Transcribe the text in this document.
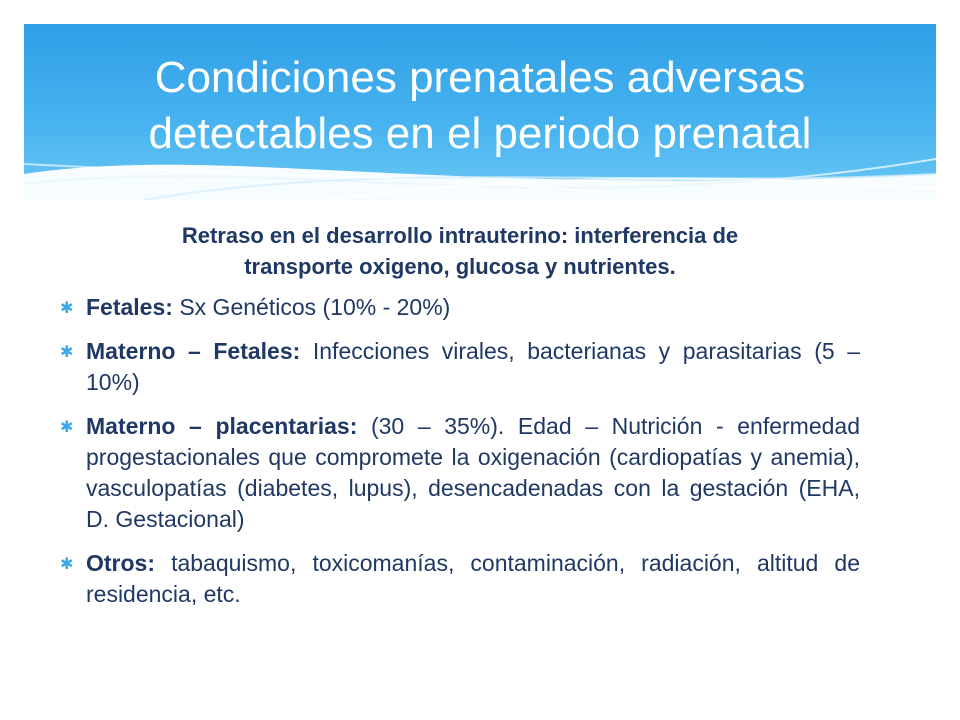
Condiciones prenatales adversas
detectables en el periodo prenatal
Retraso en el desarrollo intrauterino: interferencia de
transporte oxigeno, glucosa y nutrientes.
✱ Fetales: Sx Genéticos (10% - 20%)
✱ Materno – Fetales: Infecciones virales, bacterianas y parasitarias (5 – 10%)
✱ Materno – placentarias: (30 – 35%). Edad – Nutrición - enfermedad progestacionales que compromete la oxigenación (cardiopatías y anemia), vasculopatías (diabetes, lupus), desencadenadas con la gestación (EHA, D. Gestacional)
✱ Otros: tabaquismo, toxicomanías, contaminación, radiación, altitud de residencia, etc.
